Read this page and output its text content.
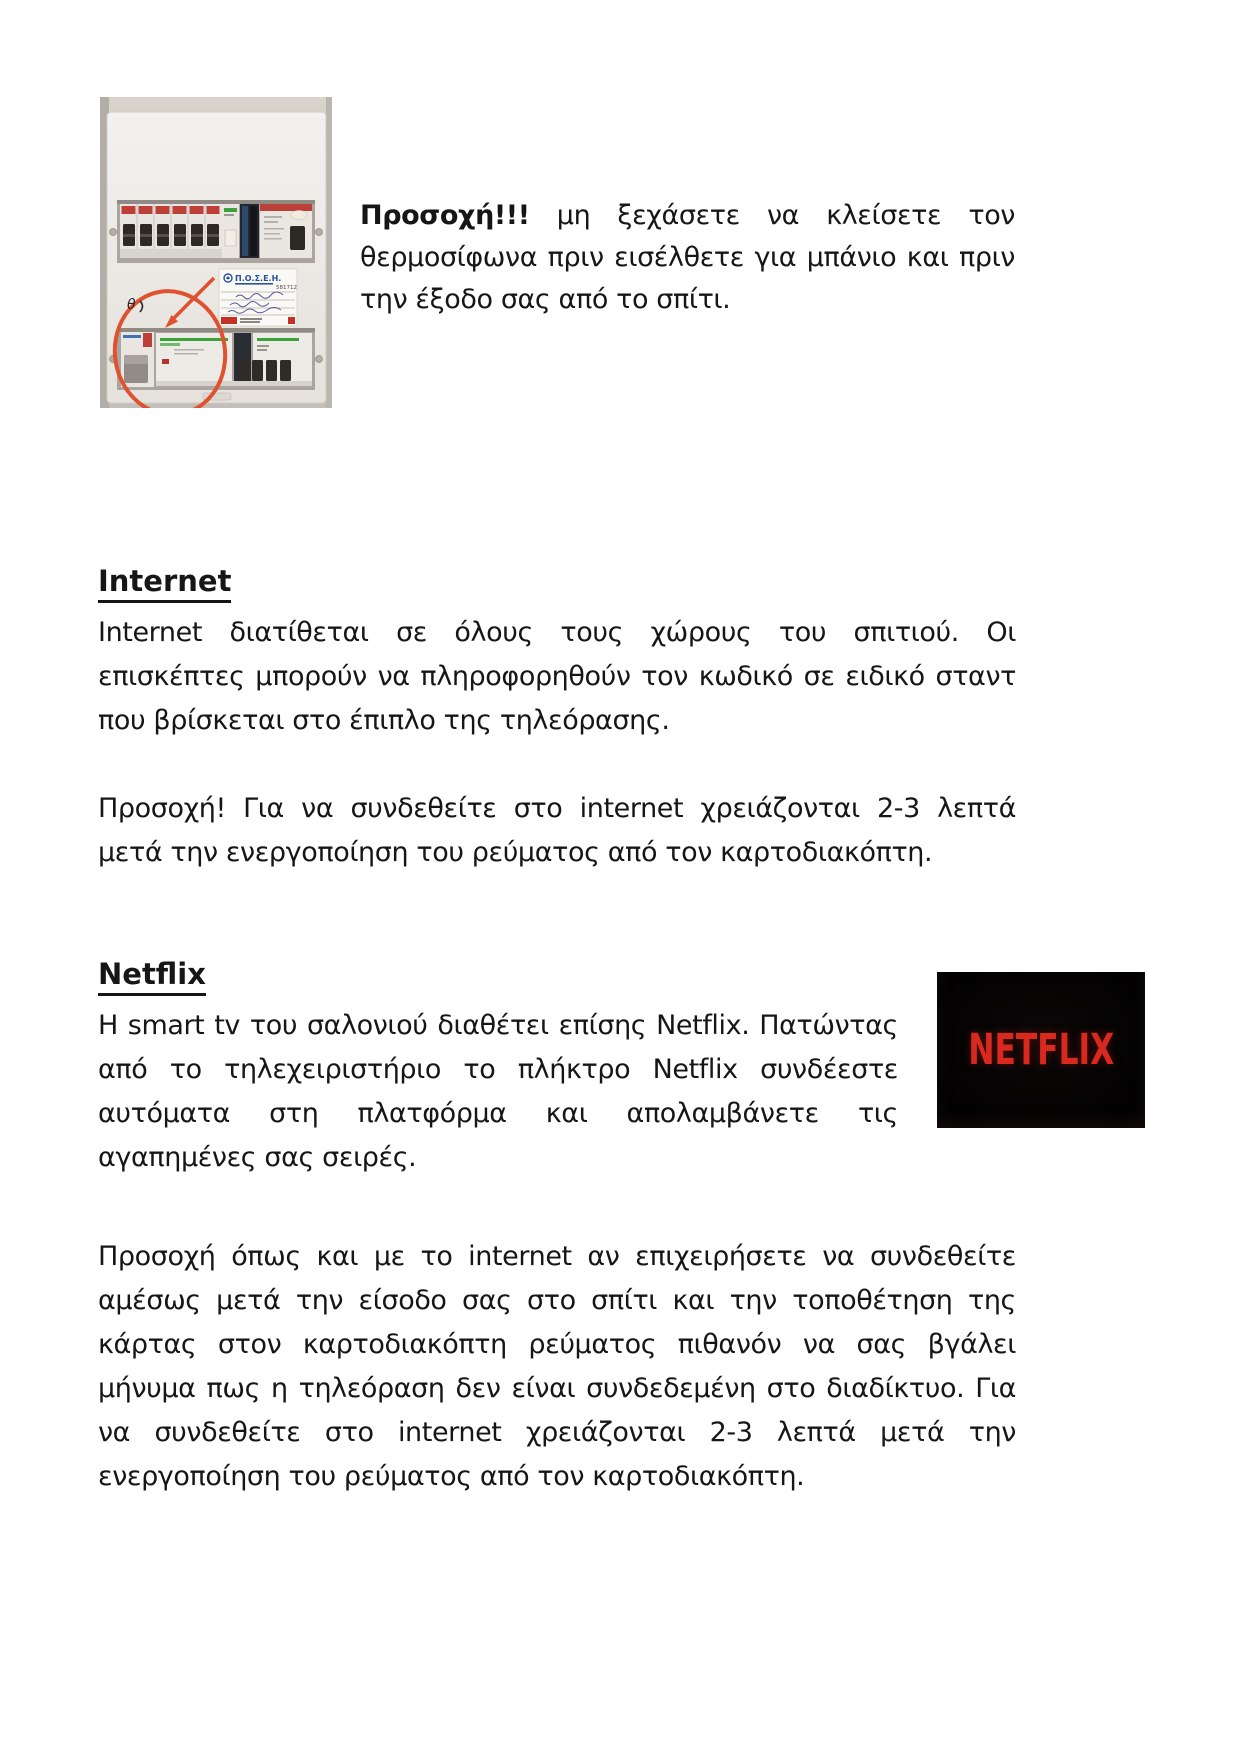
Π.Ο.Σ.Ε.Η.
581712
θ

Προσοχή!!! μη ξεχάσετε να κλείσετε τον θερμοσίφωνα πριν εισέλθετε για μπάνιο και πριν την έξοδο σας από το σπίτι.

Internet

Internet διατίθεται σε όλους τους χώρους του σπιτιού. Οι επισκέπτες μπορούν να πληροφορηθούν τον κωδικό σε ειδικό σταντ που βρίσκεται στο έπιπλο της τηλεόρασης.

Προσοχή! Για να συνδεθείτε στο internet χρειάζονται 2-3 λεπτά μετά την ενεργοποίηση του ρεύματος από τον καρτοδιακόπτη.

Netflix

Η smart tv του σαλονιού διαθέτει επίσης Netflix. Πατώντας από το τηλεχειριστήριο το πλήκτρο Netflix συνδέεστε αυτόματα στη πλατφόρμα και απολαμβάνετε τις αγαπημένες σας σειρές.

NETFLIX

Προσοχή όπως και με το internet αν επιχειρήσετε να συνδεθείτε αμέσως μετά την είσοδο σας στο σπίτι και την τοποθέτηση της κάρτας στον καρτοδιακόπτη ρεύματος πιθανόν να σας βγάλει μήνυμα πως η τηλεόραση δεν είναι συνδεδεμένη στο διαδίκτυο. Για να συνδεθείτε στο internet χρειάζονται 2-3 λεπτά μετά την ενεργοποίηση του ρεύματος από τον καρτοδιακόπτη.
